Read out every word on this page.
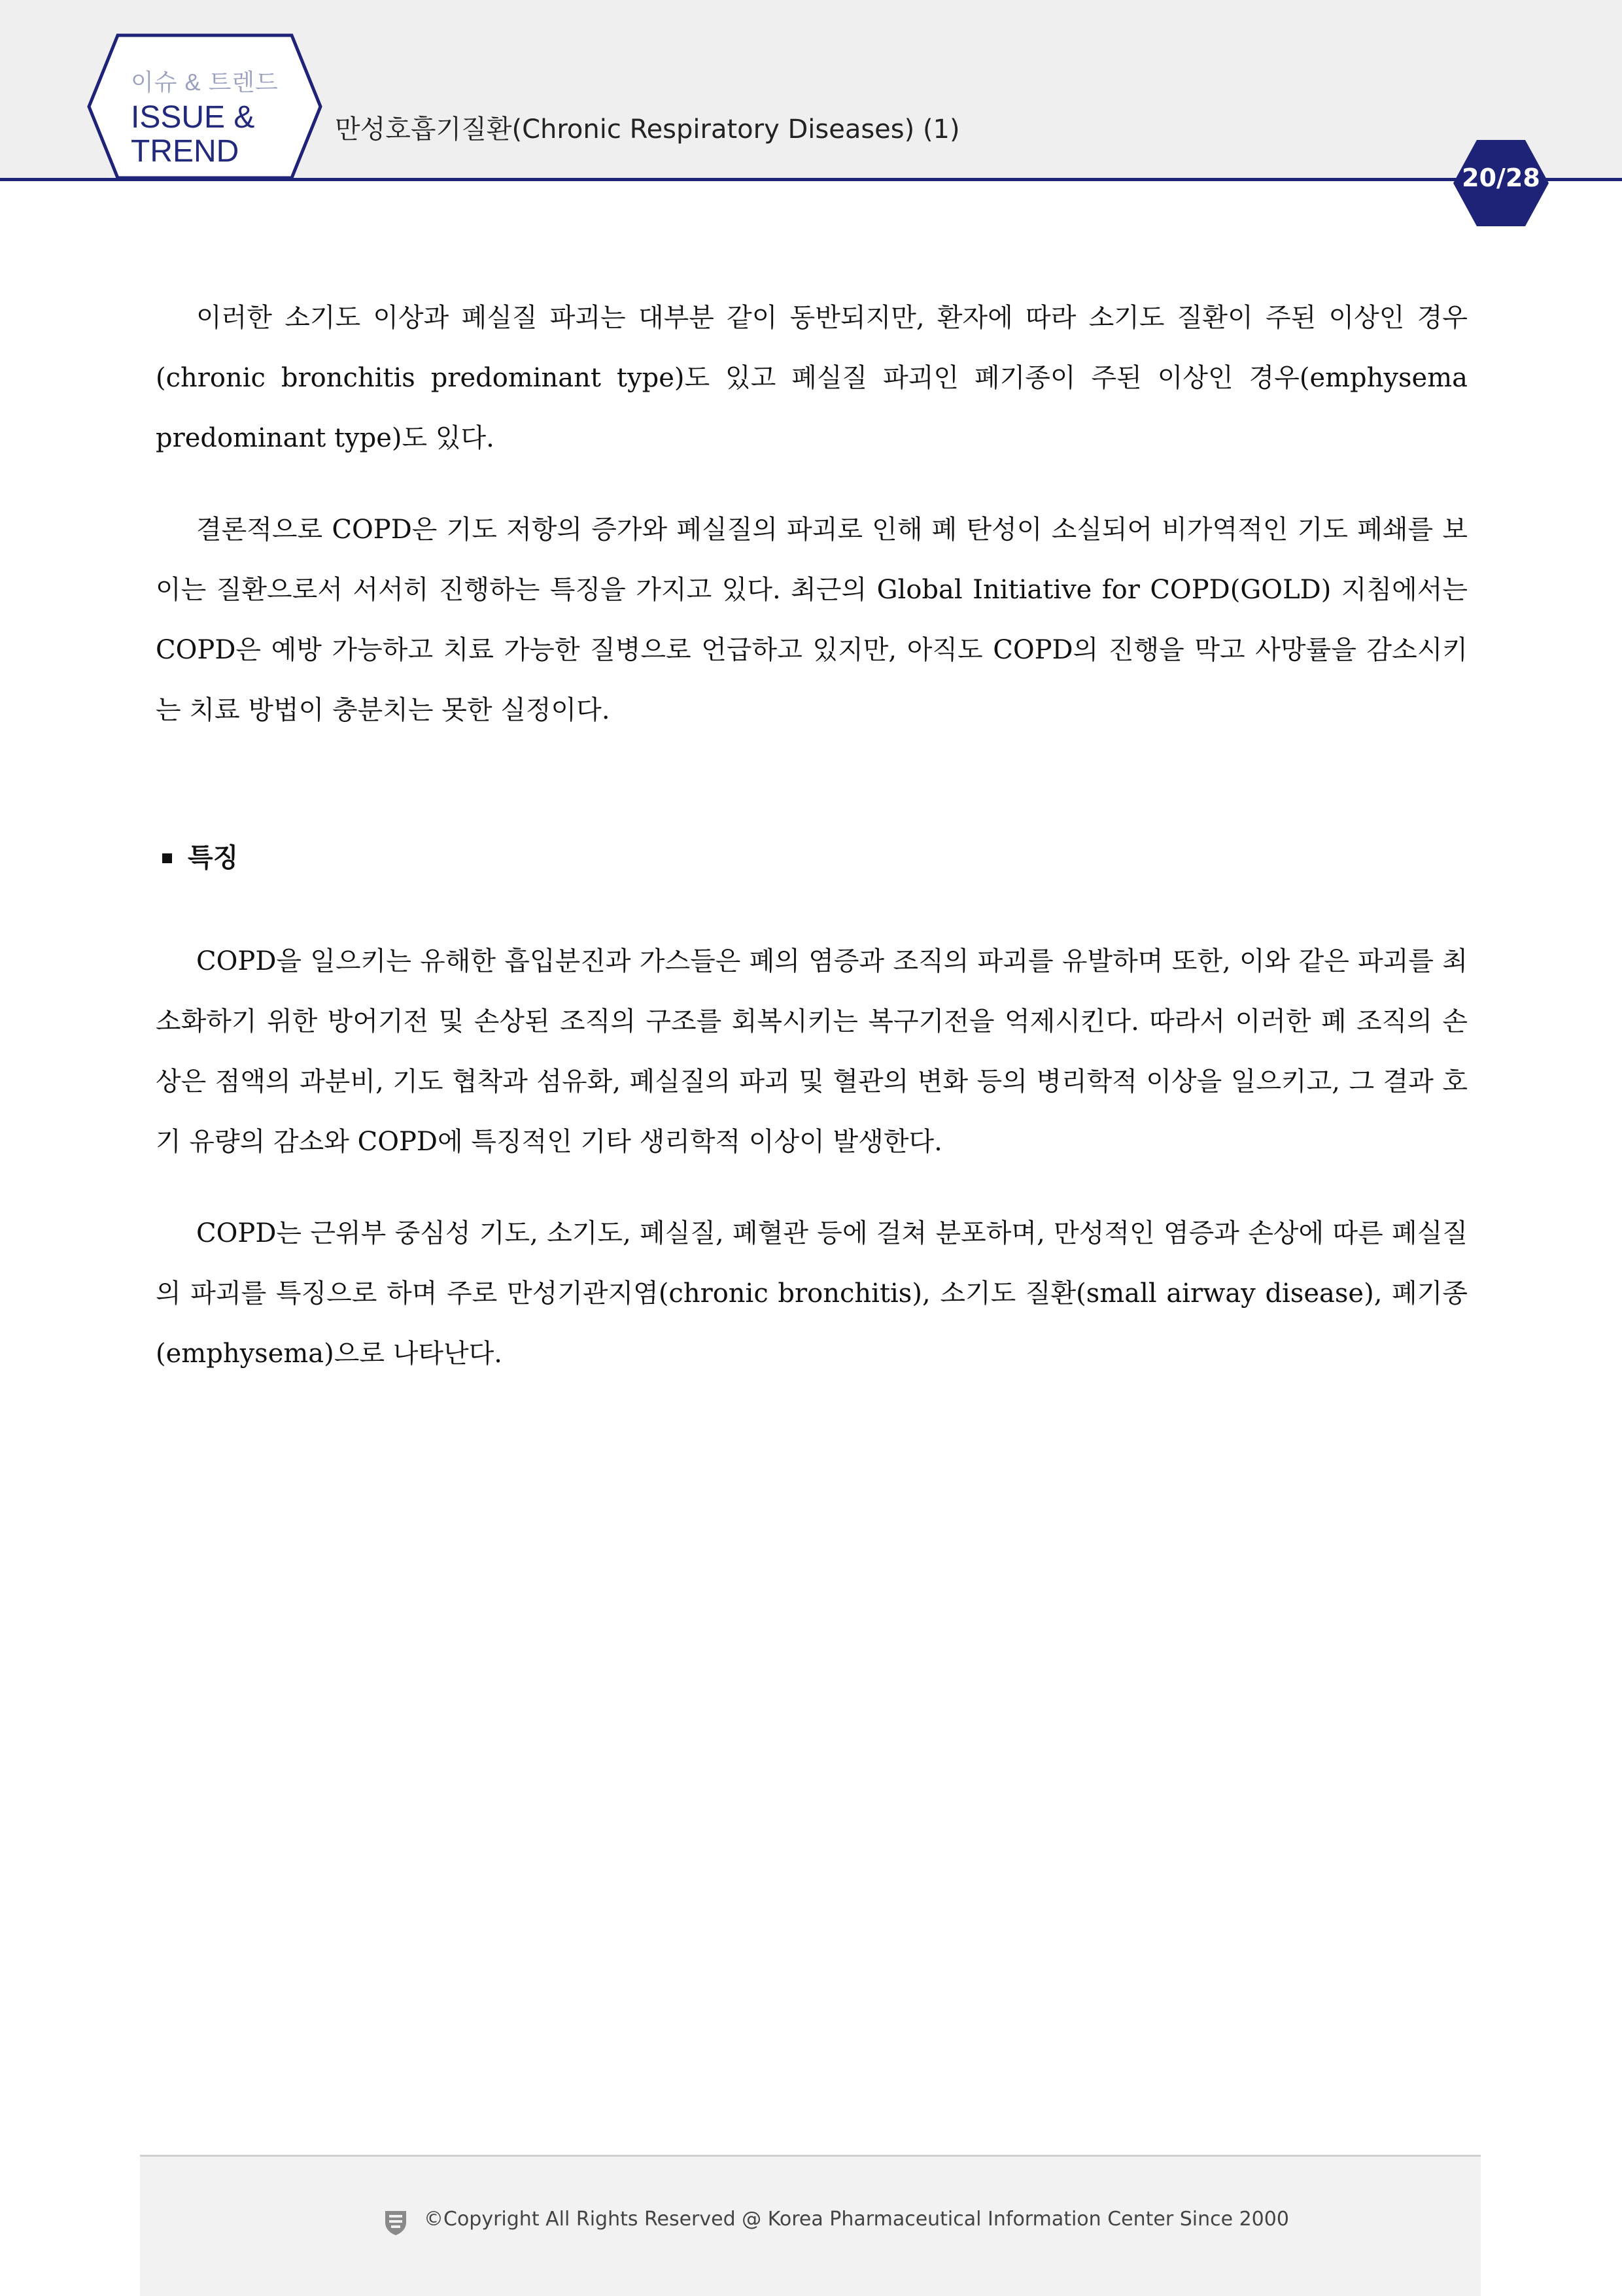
이슈 & 트렌드
ISSUE &
TREND
만성호흡기질환(Chronic Respiratory Diseases) (1)
20/28

이러한 소기도 이상과 폐실질 파괴는 대부분 같이 동반되지만, 환자에 따라 소기도 질환이 주된 이상인 경우(chronic bronchitis predominant type)도 있고 폐실질 파괴인 폐기종이 주된 이상인 경우(emphysema predominant type)도 있다.

결론적으로 COPD은 기도 저항의 증가와 폐실질의 파괴로 인해 폐 탄성이 소실되어 비가역적인 기도 폐쇄를 보이는 질환으로서 서서히 진행하는 특징을 가지고 있다. 최근의 Global Initiative for COPD(GOLD) 지침에서는 COPD은 예방 가능하고 치료 가능한 질병으로 언급하고 있지만, 아직도 COPD의 진행을 막고 사망률을 감소시키는 치료 방법이 충분치는 못한 실정이다.

특징

COPD을 일으키는 유해한 흡입분진과 가스들은 폐의 염증과 조직의 파괴를 유발하며 또한, 이와 같은 파괴를 최소화하기 위한 방어기전 및 손상된 조직의 구조를 회복시키는 복구기전을 억제시킨다. 따라서 이러한 폐 조직의 손상은 점액의 과분비, 기도 협착과 섬유화, 폐실질의 파괴 및 혈관의 변화 등의 병리학적 이상을 일으키고, 그 결과 호기 유량의 감소와 COPD에 특징적인 기타 생리학적 이상이 발생한다.

COPD는 근위부 중심성 기도, 소기도, 폐실질, 폐혈관 등에 걸쳐 분포하며, 만성적인 염증과 손상에 따른 폐실질의 파괴를 특징으로 하며 주로 만성기관지염(chronic bronchitis), 소기도 질환(small airway disease), 폐기종(emphysema)으로 나타난다.

©Copyright All Rights Reserved @ Korea Pharmaceutical Information Center Since 2000
